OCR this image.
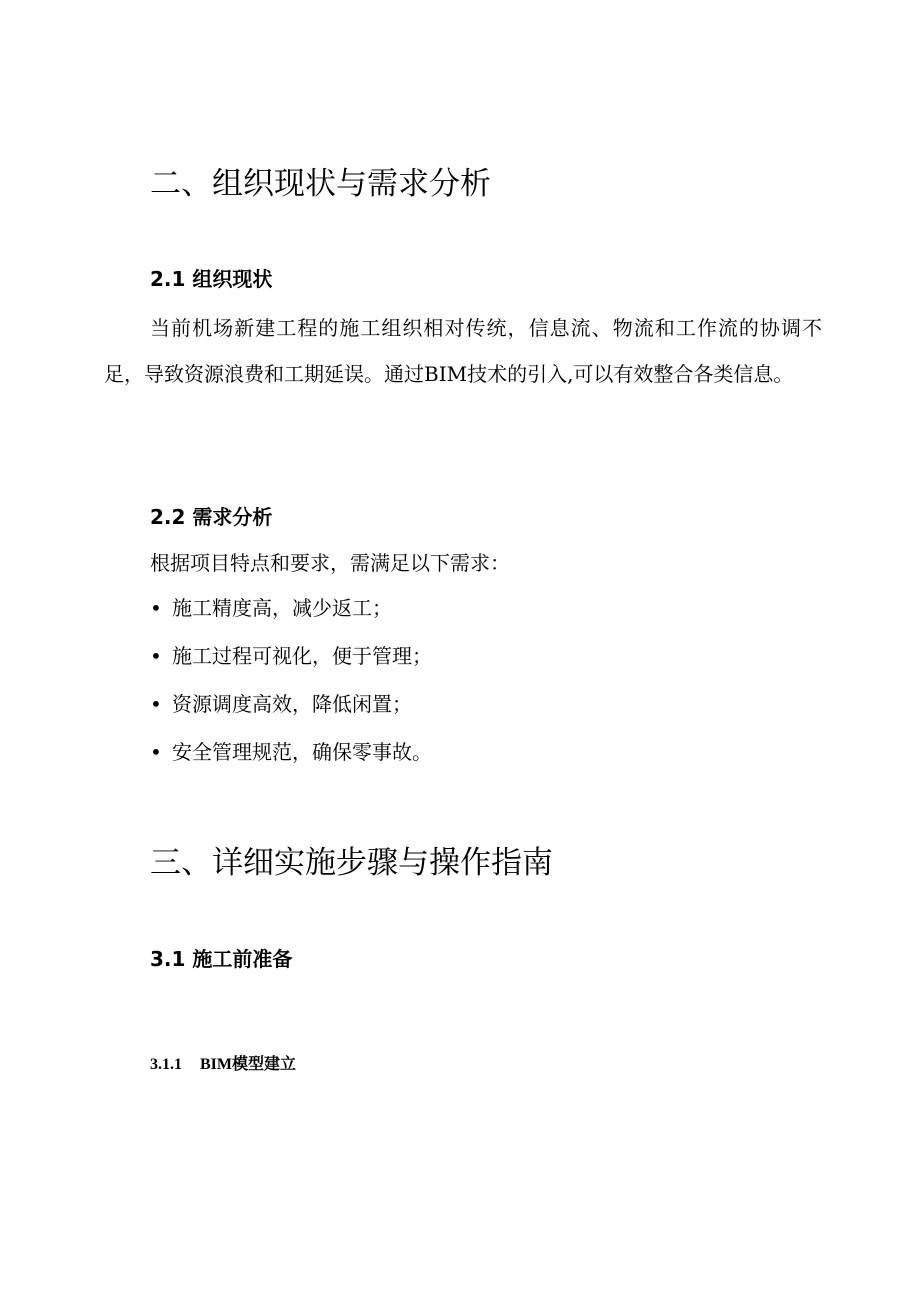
二、组织现状与需求分析
2.1 组织现状

当前机场新建工程的施工组织相对传统，信息流、物流和工作流的协调不足，导致资源浪费和工期延误。通过BIM技术的引入,可以有效整合各类信息。

2.2 需求分析
根据项目特点和要求，需满足以下需求：
• 施工精度高，减少返工；
• 施工过程可视化，便于管理；
• 资源调度高效，降低闲置；
• 安全管理规范，确保零事故。
三、详细实施步骤与操作指南
3.1 施工前准备
3.1.1 BIM模型建立
